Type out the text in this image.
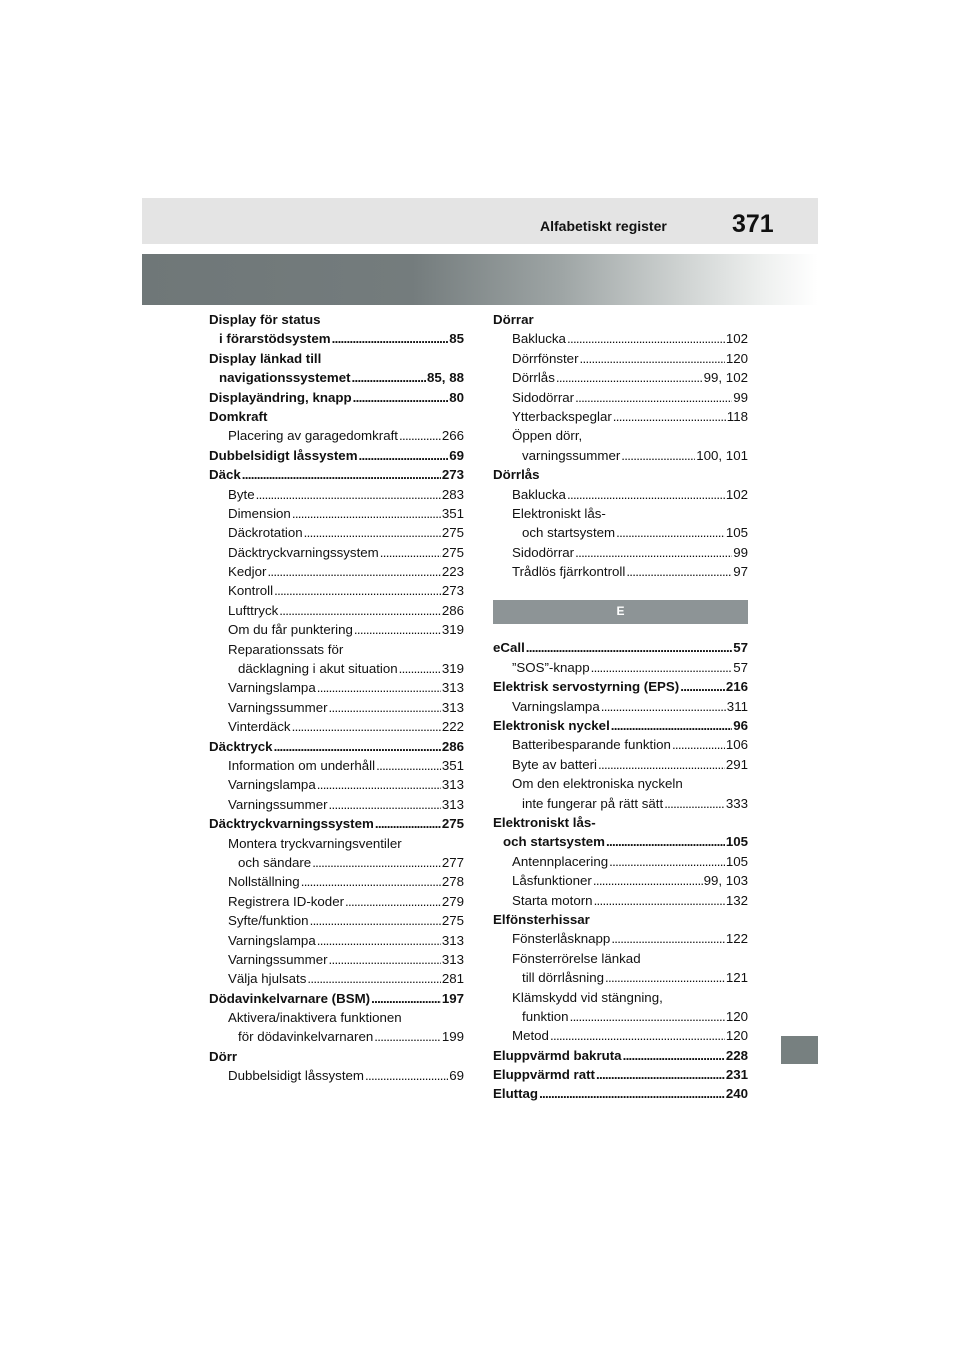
Alfabetiskt register	371
Display för status
i förarstödsystem . . .	85
Display länkad till
navigationssystemet . . .	85, 88
Displayändring, knapp . . .	80
Domkraft
Placering av garagedomkraft . . .	266
Dubbelsidigt låssystem . . .	69
Däck . . .	273
Byte . . .	283
Dimension . . .	351
Däckrotation . . .	275
Däcktryckvarningssystem . . .	275
Kedjor . . .	223
Kontroll . . .	273
Lufttryck . . .	286
Om du får punktering . . .	319
Reparationssats för
däcklagning i akut situation . . .	319
Varningslampa . . .	313
Varningssummer . . .	313
Vinterdäck . . .	222
Däcktryck . . .	286
Information om underhåll . . .	351
Varningslampa . . .	313
Varningssummer . . .	313
Däcktryckvarningssystem . . .	275
Montera tryckvarningsventiler
och sändare . . .	277
Nollställning . . .	278
Registrera ID-koder . . .	279
Syfte/funktion . . .	275
Varningslampa . . .	313
Varningssummer . . .	313
Välja hjulsats . . .	281
Dödavinkelvarnare (BSM) . . .	197
Aktivera/inaktivera funktionen
för dödavinkelvarnaren . . .	199
Dörr
Dubbelsidigt låssystem . . .	69
Dörrar
Baklucka . . .	102
Dörrfönster . . .	120
Dörrlås . . .	99, 102
Sidodörrar . . .	99
Ytterbackspeglar . . .	118
Öppen dörr,
varningssummer . . .	100, 101
Dörrlås
Baklucka . . .	102
Elektroniskt lås-
och startsystem . . .	105
Sidodörrar . . .	99
Trådlös fjärrkontroll . . .	97
E
eCall . . .	57
”SOS”-knapp . . .	57
Elektrisk servostyrning (EPS) . . .	216
Varningslampa . . .	311
Elektronisk nyckel . . .	96
Batteribesparande funktion . . .	106
Byte av batteri . . .	291
Om den elektroniska nyckeln
inte fungerar på rätt sätt . . .	333
Elektroniskt lås-
och startsystem . . .	105
Antennplacering . . .	105
Låsfunktioner . . .	99, 103
Starta motorn . . .	132
Elfönsterhissar
Fönsterlåsknapp . . .	122
Fönsterrörelse länkad
till dörrlåsning . . .	121
Klämskydd vid stängning,
funktion . . .	120
Metod . . .	120
Eluppvärmd bakruta . . .	228
Eluppvärmd ratt . . .	231
Eluttag . . .	240
